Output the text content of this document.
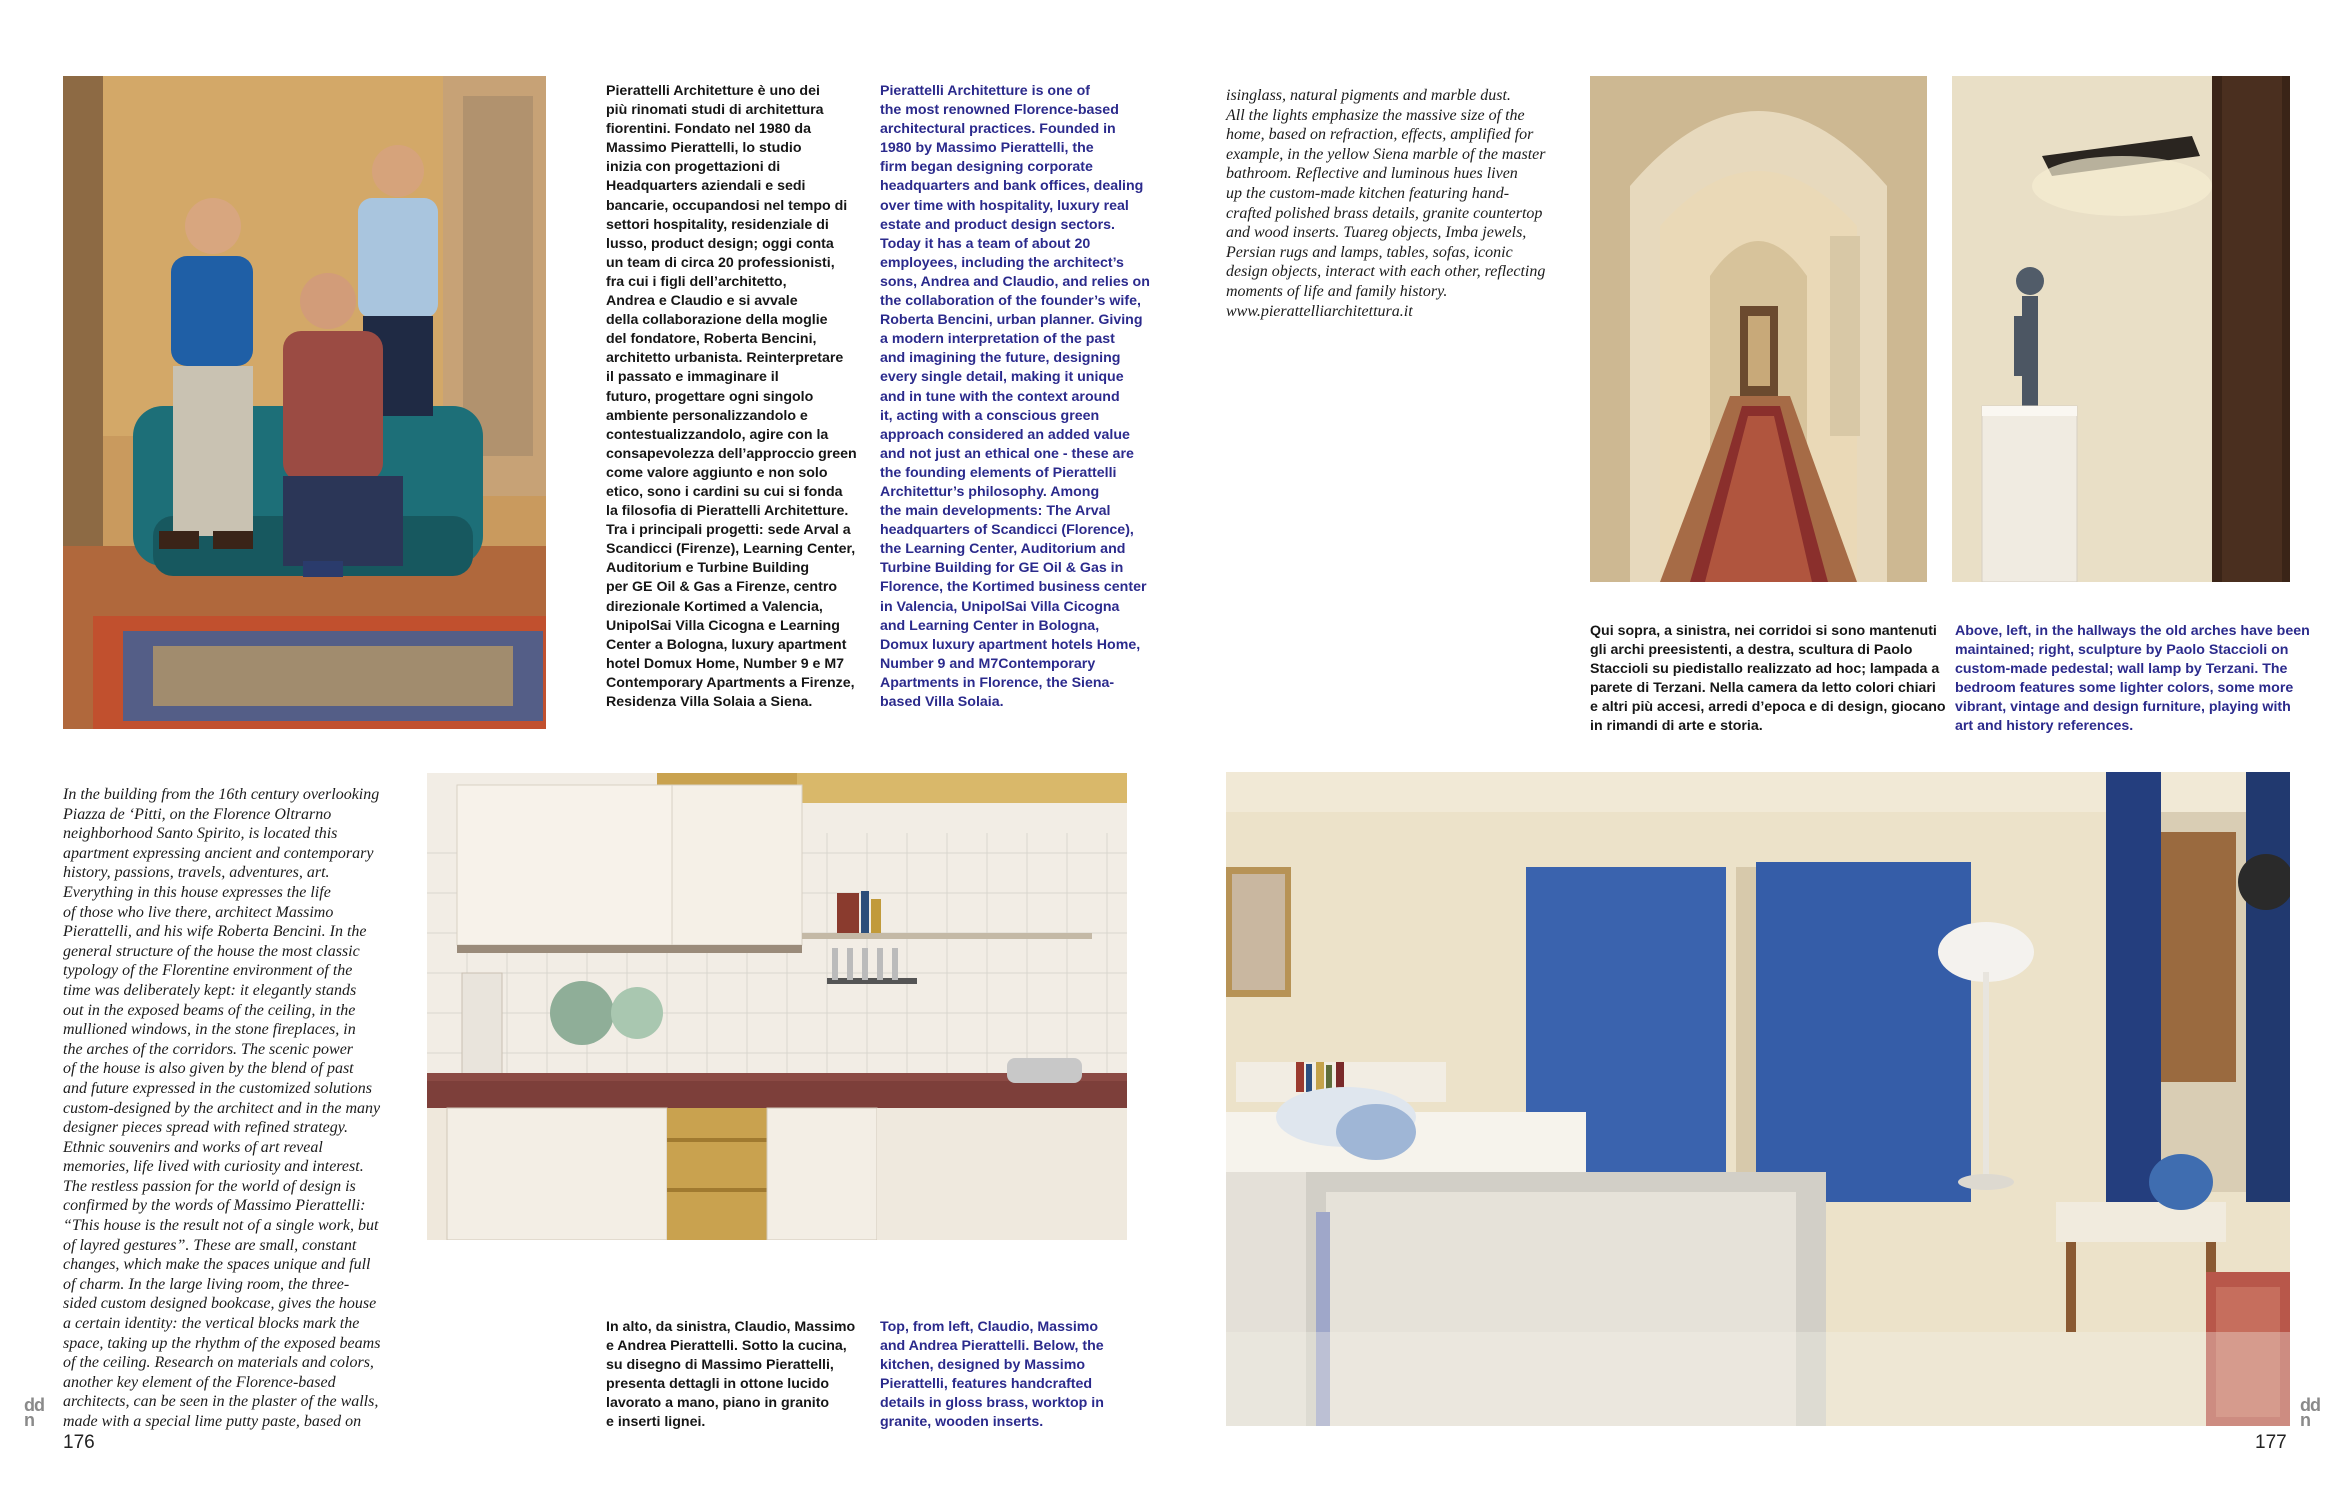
Pierattelli Architetture è uno dei
più rinomati studi di architettura
fiorentini. Fondato nel 1980 da
Massimo Pierattelli, lo studio
inizia con progettazioni di
Headquarters aziendali e sedi
bancarie, occupandosi nel tempo di
settori hospitality, residenziale di
lusso, product design; oggi conta
un team di circa 20 professionisti,
fra cui i figli dell’architetto,
Andrea e Claudio e si avvale
della collaborazione della moglie
del fondatore, Roberta Bencini,
architetto urbanista. Reinterpretare
il passato e immaginare il
futuro, progettare ogni singolo
ambiente personalizzandolo e
contestualizzandolo, agire con la
consapevolezza dell’approccio green
come valore aggiunto e non solo
etico, sono i cardini su cui si fonda
la filosofia di Pierattelli Architetture.
Tra i principali progetti: sede Arval a
Scandicci (Firenze), Learning Center,
Auditorium e Turbine Building
per GE Oil & Gas a Firenze, centro
direzionale Kortimed a Valencia,
UnipolSai Villa Cicogna e Learning
Center a Bologna, luxury apartment
hotel Domux Home, Number 9 e M7
Contemporary Apartments a Firenze,
Residenza Villa Solaia a Siena.
Pierattelli Architetture is one of
the most renowned Florence-based
architectural practices. Founded in
1980 by Massimo Pierattelli, the
firm began designing corporate
headquarters and bank offices, dealing
over time with hospitality, luxury real
estate and product design sectors.
Today it has a team of about 20
employees, including the architect’s
sons, Andrea and Claudio, and relies on
the collaboration of the founder’s wife,
Roberta Bencini, urban planner. Giving
a modern interpretation of the past
and imagining the future, designing
every single detail, making it unique
and in tune with the context around
it, acting with a conscious green
approach considered an added value
and not just an ethical one - these are
the founding elements of Pierattelli
Architettur’s philosophy. Among
the main developments: The Arval
headquarters of Scandicci (Florence),
the Learning Center, Auditorium and
Turbine Building for GE Oil & Gas in
Florence, the Kortimed business center
in Valencia, UnipolSai Villa Cicogna
and Learning Center in Bologna,
Domux luxury apartment hotels Home,
Number 9 and M7Contemporary
Apartments in Florence, the Siena-
based Villa Solaia.
In the building from the 16th century overlooking
Piazza de ‘Pitti, on the Florence Oltrarno
neighborhood Santo Spirito, is located this
apartment expressing ancient and contemporary
history, passions, travels, adventures, art.
Everything in this house expresses the life
of those who live there, architect Massimo
Pierattelli, and his wife Roberta Bencini. In the
general structure of the house the most classic
typology of the Florentine environment of the
time was deliberately kept: it elegantly stands
out in the exposed beams of the ceiling, in the
mullioned windows, in the stone fireplaces, in
the arches of the corridors. The scenic power
of the house is also given by the blend of past
and future expressed in the customized solutions
custom-designed by the architect and in the many
designer pieces spread with refined strategy.
Ethnic souvenirs and works of art reveal
memories, life lived with curiosity and interest.
The restless passion for the world of design is
confirmed by the words of Massimo Pierattelli:
“This house is the result not of a single work, but
of layred gestures”. These are small, constant
changes, which make the spaces unique and full
of charm. In the large living room, the three-
sided custom designed bookcase, gives the house
a certain identity: the vertical blocks mark the
space, taking up the rhythm of the exposed beams
of the ceiling. Research on materials and colors,
another key element of the Florence-based
architects, can be seen in the plaster of the walls,
made with a special lime putty paste, based on
isinglass, natural pigments and marble dust.
All the lights emphasize the massive size of the
home, based on refraction, effects, amplified for
example, in the yellow Siena marble of the master
bathroom. Reflective and luminous hues liven
up the custom-made kitchen featuring hand-
crafted polished brass details, granite countertop
and wood inserts. Tuareg objects, Imba jewels,
Persian rugs and lamps, tables, sofas, iconic
design objects, interact with each other, reflecting
moments of life and family history.
www.pierattelliarchitettura.it
In alto, da sinistra, Claudio, Massimo
e Andrea Pierattelli. Sotto la cucina,
su disegno di Massimo Pierattelli,
presenta dettagli in ottone lucido
lavorato a mano, piano in granito
e inserti lignei.
Top, from left, Claudio, Massimo
and Andrea Pierattelli. Below, the
kitchen, designed by Massimo
Pierattelli, features handcrafted
details in gloss brass, worktop in
granite, wooden inserts.
Qui sopra, a sinistra, nei corridoi si sono mantenuti
gli archi preesistenti, a destra, scultura di Paolo
Staccioli su piedistallo realizzato ad hoc; lampada a
parete di Terzani. Nella camera da letto colori chiari
e altri più accesi, arredi d’epoca e di design, giocano
in rimandi di arte e storia.
Above, left, in the hallways the old arches have been
maintained; right, sculpture by Paolo Staccioli on
custom-made pedestal; wall lamp by Terzani. The
bedroom features some lighter colors, some more
vibrant, vintage and design furniture, playing with
art and history references.
dd
n
176
dd
n
177
